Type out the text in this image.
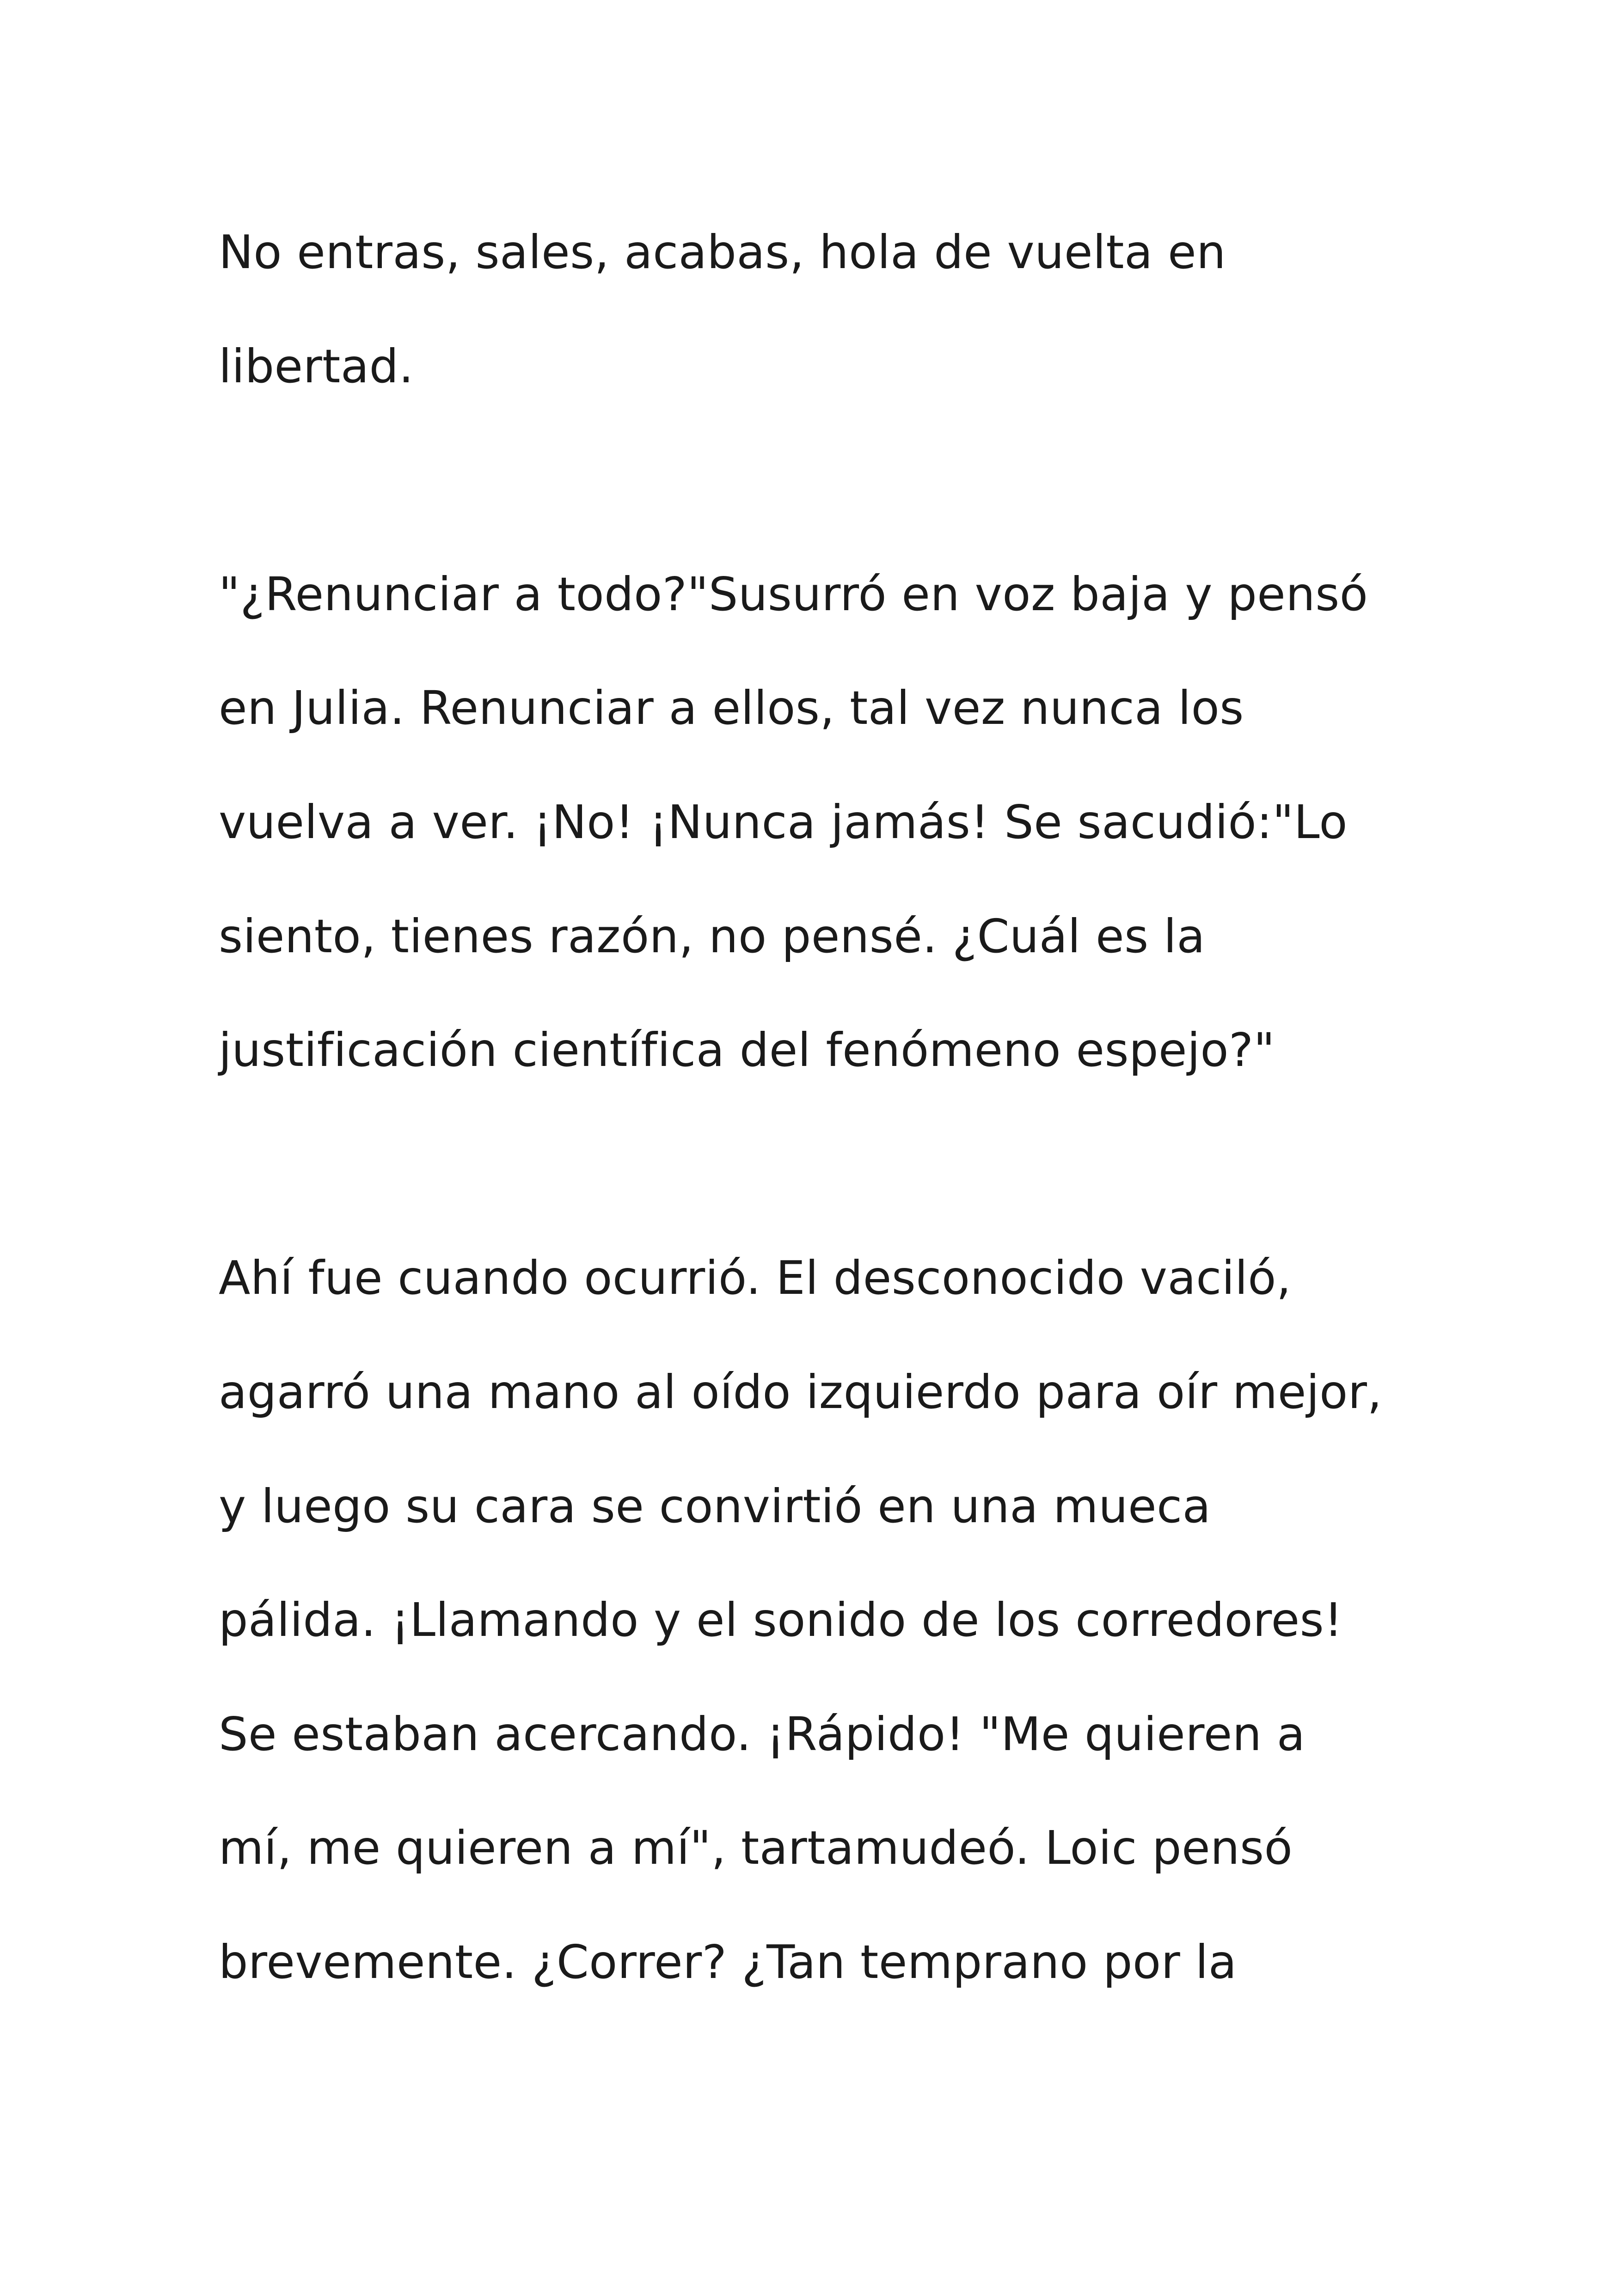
No entras, sales, acabas, hola de vuelta en

libertad.

"¿Renunciar a todo?"Susurró en voz baja y pensó

en Julia. Renunciar a ellos, tal vez nunca los

vuelva a ver. ¡No! ¡Nunca jamás! Se sacudió:"Lo

siento, tienes razón, no pensé. ¿Cuál es la

justificación científica del fenómeno espejo?"

Ahí fue cuando ocurrió. El desconocido vaciló,

agarró una mano al oído izquierdo para oír mejor,

y luego su cara se convirtió en una mueca

pálida. ¡Llamando y el sonido de los corredores!

Se estaban acercando. ¡Rápido! "Me quieren a

mí, me quieren a mí", tartamudeó. Loic pensó

brevemente. ¿Correr? ¿Tan temprano por la
